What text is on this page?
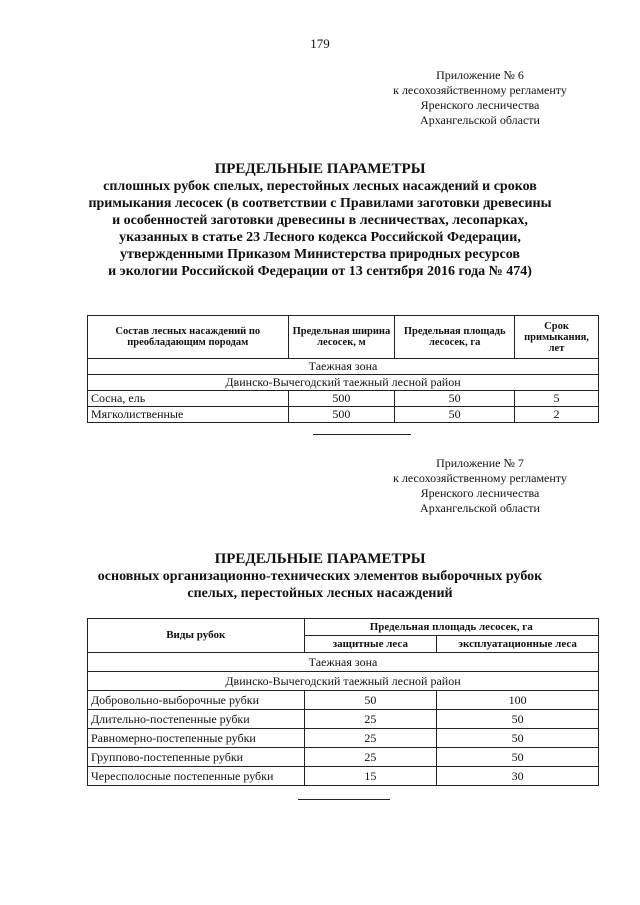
179
Приложение № 6
к лесохозяйственному регламенту
Яренского лесничества
Архангельской области
ПРЕДЕЛЬНЫЕ ПАРАМЕТРЫ
сплошных рубок спелых, перестойных лесных насаждений и сроков
примыкания лесосек (в соответствии с Правилами заготовки древесины
и особенностей заготовки древесины в лесничествах, лесопарках,
указанных в статье 23 Лесного кодекса Российской Федерации,
утвержденными Приказом Министерства природных ресурсов
и экологии Российской Федерации от 13 сентября 2016 года № 474)
Состав лесных насаждений по преобладающим породам	Предельная ширина лесосек, м	Предельная площадь лесосек, га	Срок примыкания, лет
Таежная зона			
Двинско-Вычегодский таежный лесной район			
Сосна, ель	500	50	5
Мягколиственные	500	50	2
Приложение № 7
к лесохозяйственному регламенту
Яренского лесничества
Архангельской области
ПРЕДЕЛЬНЫЕ ПАРАМЕТРЫ
основных организационно-технических элементов выборочных рубок
спелых, перестойных лесных насаждений
Виды рубок	Предельная площадь лесосек, га	
	защитные леса	эксплуатационные леса
Таежная зона		
Двинско-Вычегодский таежный лесной район		
Добровольно-выборочные рубки	50	100
Длительно-постепенные рубки	25	50
Равномерно-постепенные рубки	25	50
Группово-постепенные рубки	25	50
Чересполосные постепенные рубки	15	30
